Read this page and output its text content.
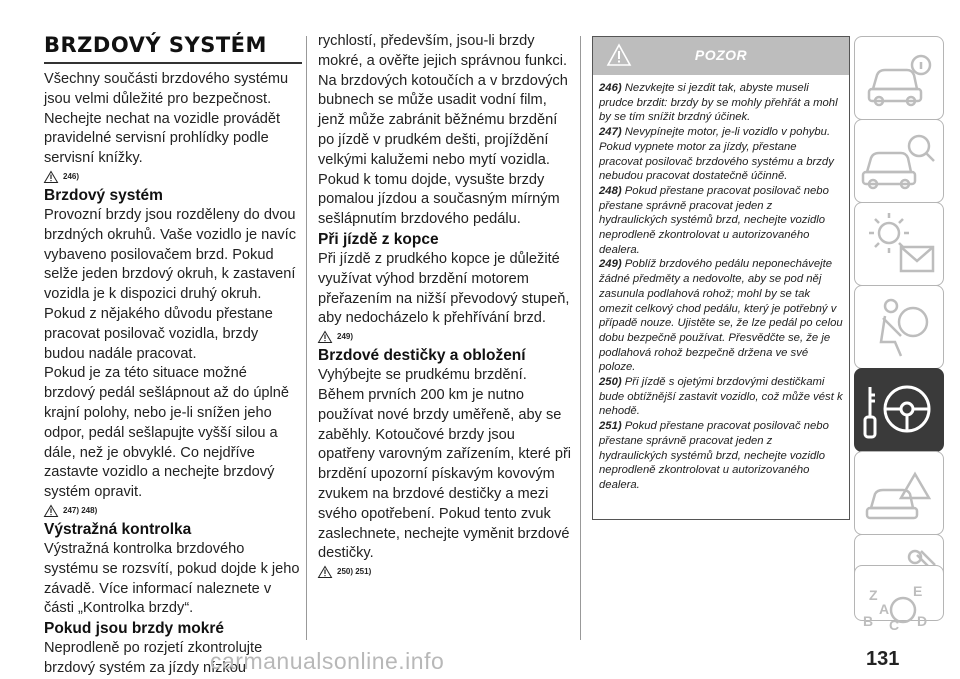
BRZDOVÝ SYSTÉM

Všechny součásti brzdového systému jsou velmi důležité pro bezpečnost. Nechejte nechat na vozidle provádět pravidelné servisní prohlídky podle servisní knížky.

246)
Brzdový systém

Provozní brzdy jsou rozděleny do dvou brzdných okruhů. Vaše vozidlo je navíc vybaveno posilovačem brzd. Pokud selže jeden brzdový okruh, k zastavení vozidla je k dispozici druhý okruh. Pokud z nějakého důvodu přestane pracovat posilovač vozidla, brzdy budou nadále pracovat.

Pokud je za této situace možné brzdový pedál sešlápnout až do úplně krajní polohy, nebo je-li snížen jeho odpor, pedál sešlapujte vyšší silou a dále, než je obvyklé. Co nejdříve zastavte vozidlo a nechejte brzdový systém opravit.

247) 248)
Výstražná kontrolka

Výstražná kontrolka brzdového systému se rozsvítí, pokud dojde k jeho závadě. Více informací naleznete v části „Kontrolka brzdy“.

Pokud jsou brzdy mokré

Neprodleně po rozjetí zkontrolujte brzdový systém za jízdy nízkou

rychlostí, především, jsou-li brzdy mokré, a ověřte jejich správnou funkci.

Na brzdových kotoučích a v brzdových bubnech se může usadit vodní film, jenž může zabránit běžnému brzdění po jízdě v prudkém dešti, projíždění velkými kalužemi nebo mytí vozidla. Pokud k tomu dojde, vysušte brzdy pomalou jízdou a současným mírným sešlápnutím brzdového pedálu.

Při jízdě z kopce

Při jízdě z prudkého kopce je důležité využívat výhod brzdění motorem přeřazením na nižší převodový stupeň, aby nedocházelo k přehřívání brzd.

249)
Brzdové destičky a obložení

Vyhýbejte se prudkému brzdění. Během prvních 200 km je nutno používat nové brzdy uměřeně, aby se zaběhly. Kotoučové brzdy jsou opatřeny varovným zařízením, které při brzdění upozorní pískavým kovovým zvukem na brzdové destičky a mezi svého opotřebení. Pokud tento zvuk zaslechnete, nechejte vyměnit brzdové destičky.

250) 251)
POZOR

246) Nezvkejte si jezdit tak, abyste museli prudce brzdit: brzdy by se mohly přehřát a mohl by se tím snížit brzdný účinek.

247) Nevypínejte motor, je-li vozidlo v pohybu. Pokud vypnete motor za jízdy, přestane pracovat posilovač brzdového systému a brzdy nebudou pracovat dostatečně účinně.

248) Pokud přestane pracovat posilovač nebo přestane správně pracovat jeden z hydraulických systémů brzd, nechejte vozidlo neprodleně zkontrolovat u autorizovaného dealera.

249) Poblíž brzdového pedálu neponechávejte žádné předměty a nedovolte, aby se pod něj zasunula podlahová rohož; mohl by se tak omezit celkový chod pedálu, který je potřebný v případě nouze. Ujistěte se, že lze pedál po celou dobu bezpečně používat. Přesvědčte se, že je podlahová rohož bezpečně držena ve své poloze.

250) Při jízdě s ojetými brzdovými destičkami bude obtížnější zastavit vozidlo, což může vést k nehodě.

251) Pokud přestane pracovat posilovač nebo přestane správně pracovat jeden z hydraulických systémů brzd, nechejte vozidlo neprodleně zkontrolovat u autorizovaného dealera.

Z	E
A
B C D
131
carmanualsonline.info
